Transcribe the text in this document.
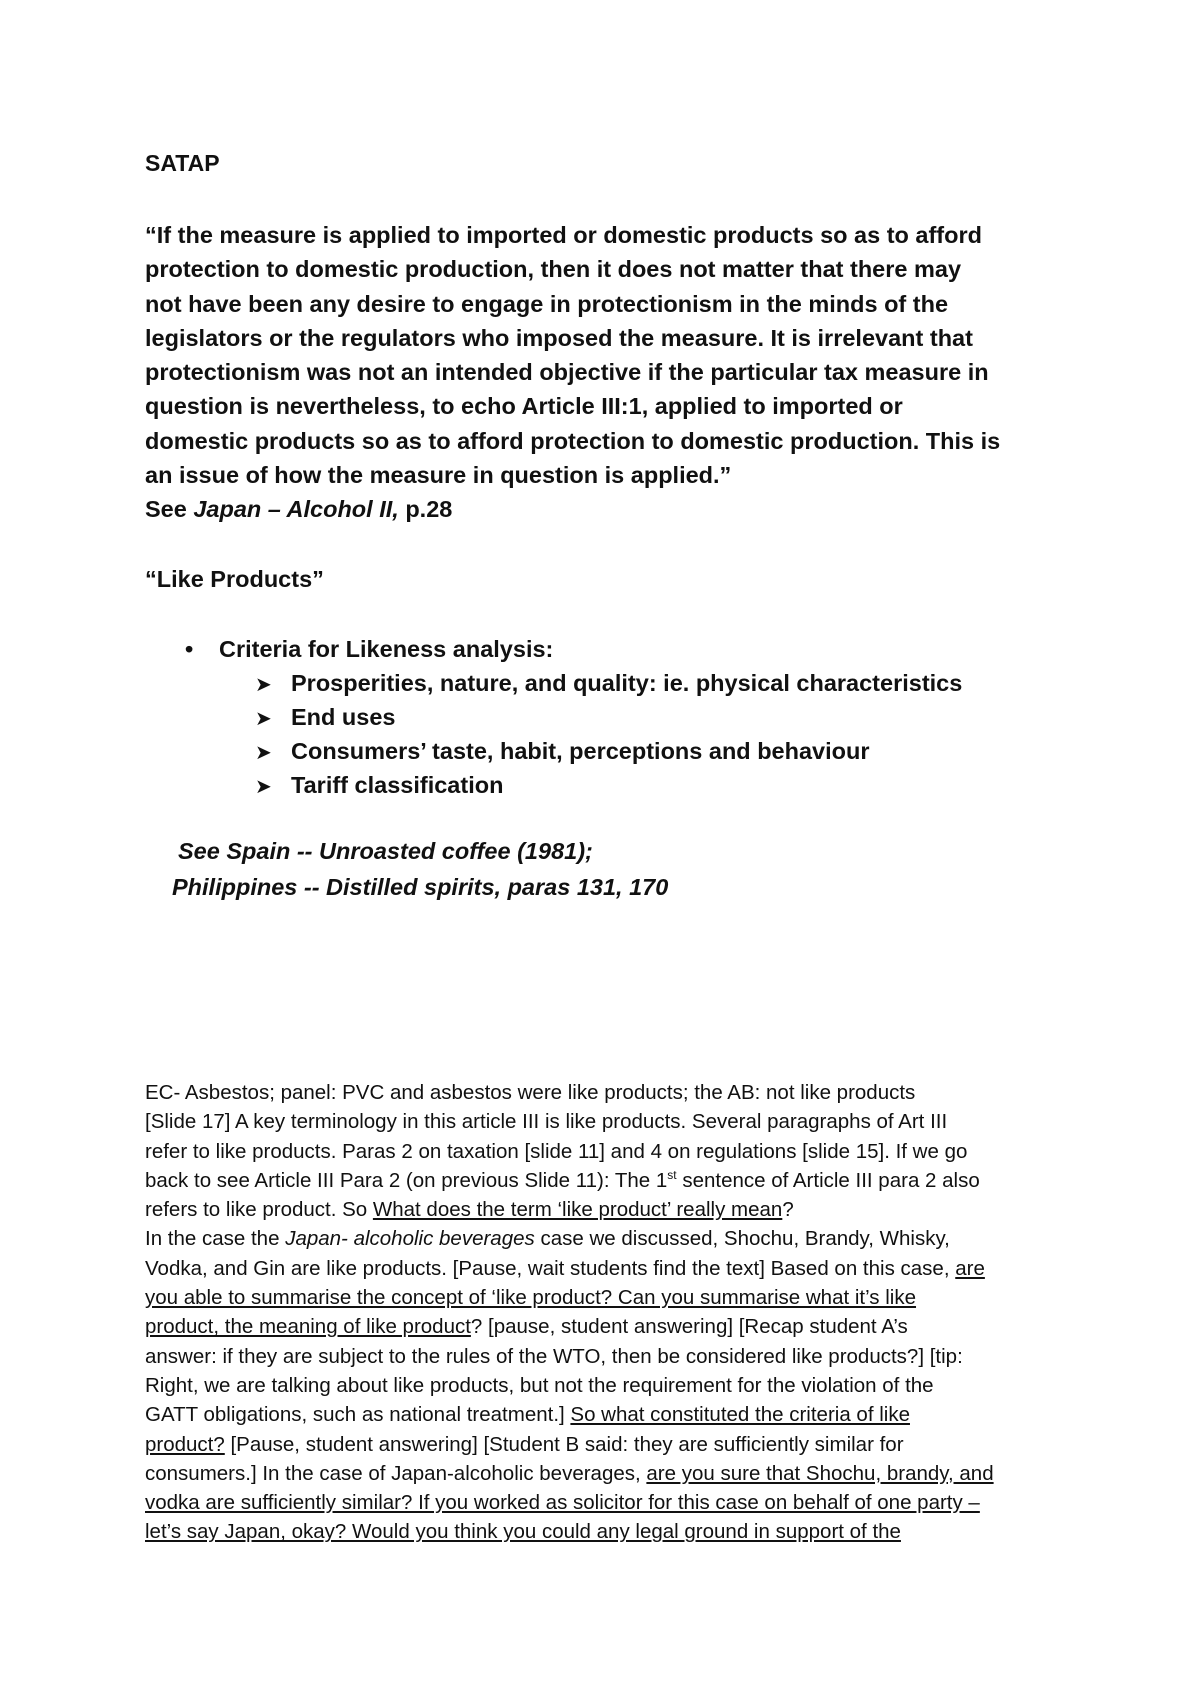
SATAP

“If the measure is applied to imported or domestic products so as to afford

protection to domestic production, then it does not matter that there may

not have been any desire to engage in protectionism in the minds of the

legislators or the regulators who imposed the measure. It is irrelevant that

protectionism was not an intended objective if the particular tax measure in

question is nevertheless, to echo Article III:1, applied to imported or

domestic products so as to afford protection to domestic production. This is

an issue of how the measure in question is applied.”

See Japan – Alcohol II, p.28
“Like Products”
• Criteria for Likeness analysis:
➤ Prosperities, nature, and quality: ie. physical characteristics
➤ End uses
➤ Consumers’ taste, habit, perceptions and behaviour
➤ Tariff classification
See Spain -- Unroasted coffee (1981);
Philippines -- Distilled spirits, paras 131, 170
EC- Asbestos; panel: PVC and asbestos were like products; the AB: not like products
[Slide 17] A key terminology in this article III is like products. Several paragraphs of Art III
refer to like products. Paras 2 on taxation [slide 11] and 4 on regulations [slide 15]. If we go
back to see Article III Para 2 (on previous Slide 11): The 1st sentence of Article III para 2 also
refers to like product. So What does the term ‘like product’ really mean?
In the case the Japan- alcoholic beverages case we discussed, Shochu, Brandy, Whisky,
Vodka, and Gin are like products. [Pause, wait students find the text] Based on this case, are
you able to summarise the concept of ‘like product? Can you summarise what it’s like
product, the meaning of like product? [pause, student answering] [Recap student A’s
answer: if they are subject to the rules of the WTO, then be considered like products?] [tip:
Right, we are talking about like products, but not the requirement for the violation of the
GATT obligations, such as national treatment.] So what constituted the criteria of like
product? [Pause, student answering] [Student B said: they are sufficiently similar for
consumers.] In the case of Japan-alcoholic beverages, are you sure that Shochu, brandy, and
vodka are sufficiently similar? If you worked as solicitor for this case on behalf of one party –
let’s say Japan, okay? Would you think you could any legal ground in support of the
